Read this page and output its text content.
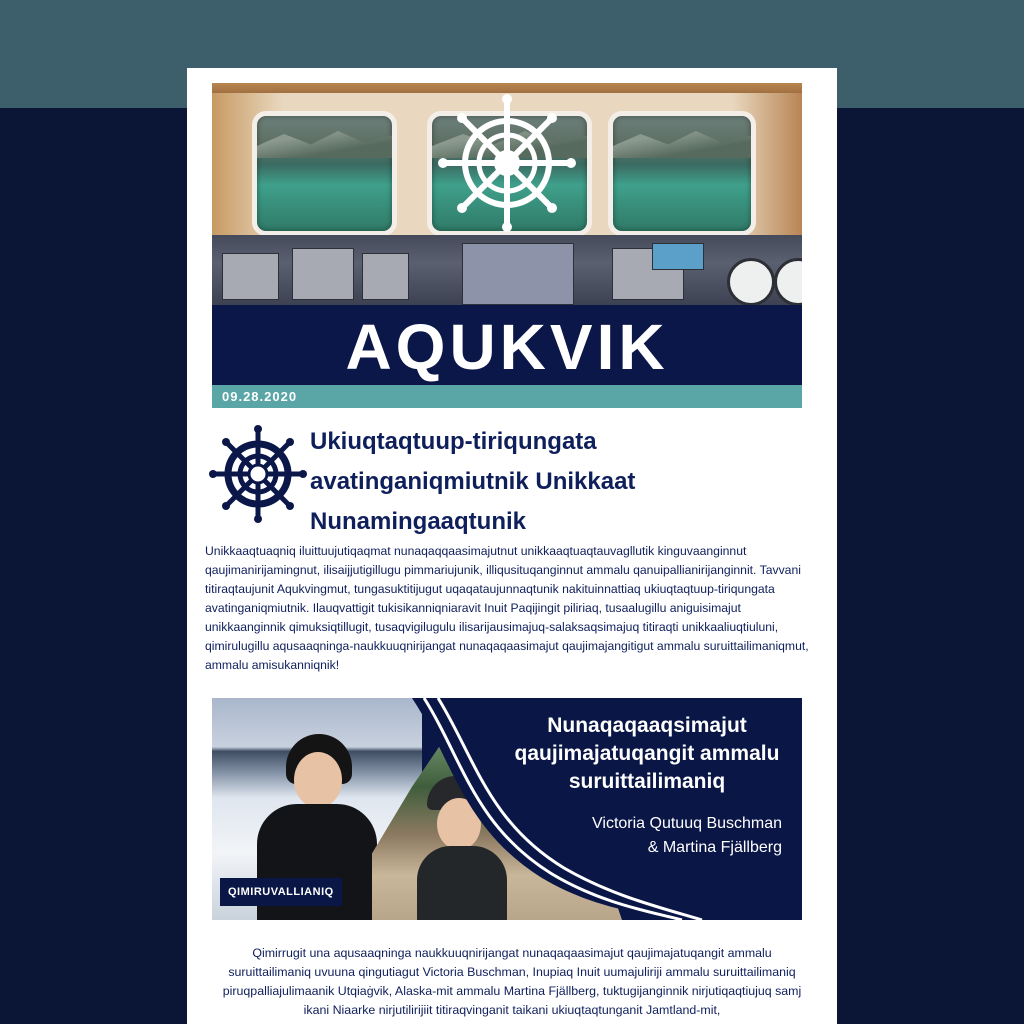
AQUKVIK
09.28.2020
Ukiuqtaqtuup-tiriqungata avatinganiqmiutnik Unikkaat Nunamingaaqtunik

Unikkaaqtuaqniq iluittuujutiqaqmat nunaqaqqaasimajutnut unikkaaqtuaqtauvagllutik kinguvaanginnut qaujimanirijamingnut, ilisaijjutigillugu pimmariujunik, illiqusituqanginnut ammalu qanuipallianirijanginnit. Tavvani titiraqtaujunit Aqukvingmut, tungasuktitijugut uqaqataujunnaqtunik nakituinnattiaq ukiuqtaqtuup-tiriqungata avatinganiqmiutnik. Ilauqvattigit tukisikanniqniaravit Inuit Paqijingit piliriaq, tusaalugillu aniguisimajut unikkaanginnik qimuksiqtillugit, tusaqvigilugulu ilisarijausimajuq-salaksaqsimajuq titiraqti unikkaaliuqtiuluni, qimirulugillu aqusaaqninga-naukkuuqnirijangat nunaqaqaasimajut qaujimajangitigut ammalu suruittailimaniqmut, ammalu amisukanniqnik!

Nunaqaqaaqsimajut qaujimajatuqangit ammalu suruittailimaniq

Victoria Qutuuq Buschman
& Martina Fjällberg
QIMIRUVALLIANIQ

Qimirrugit una aqusaaqninga naukkuuqnirijangat nunaqaqaasimajut qaujimajatuqangit ammalu suruittailimaniq uvuuna qingutiagut Victoria Buschman, Inupiaq Inuit uumajuliriji ammalu suruittailimaniq piruqpalliajulimaanik Utqiaġvik, Alaska-mit ammalu Martina Fjällberg, tuktugijanginnik nirjutiqaqtiujuq samj ikani Niaarke nirjutilirijiit titiraqvinganit taikani ukiuqtaqtunganit Jamtland-mit,
